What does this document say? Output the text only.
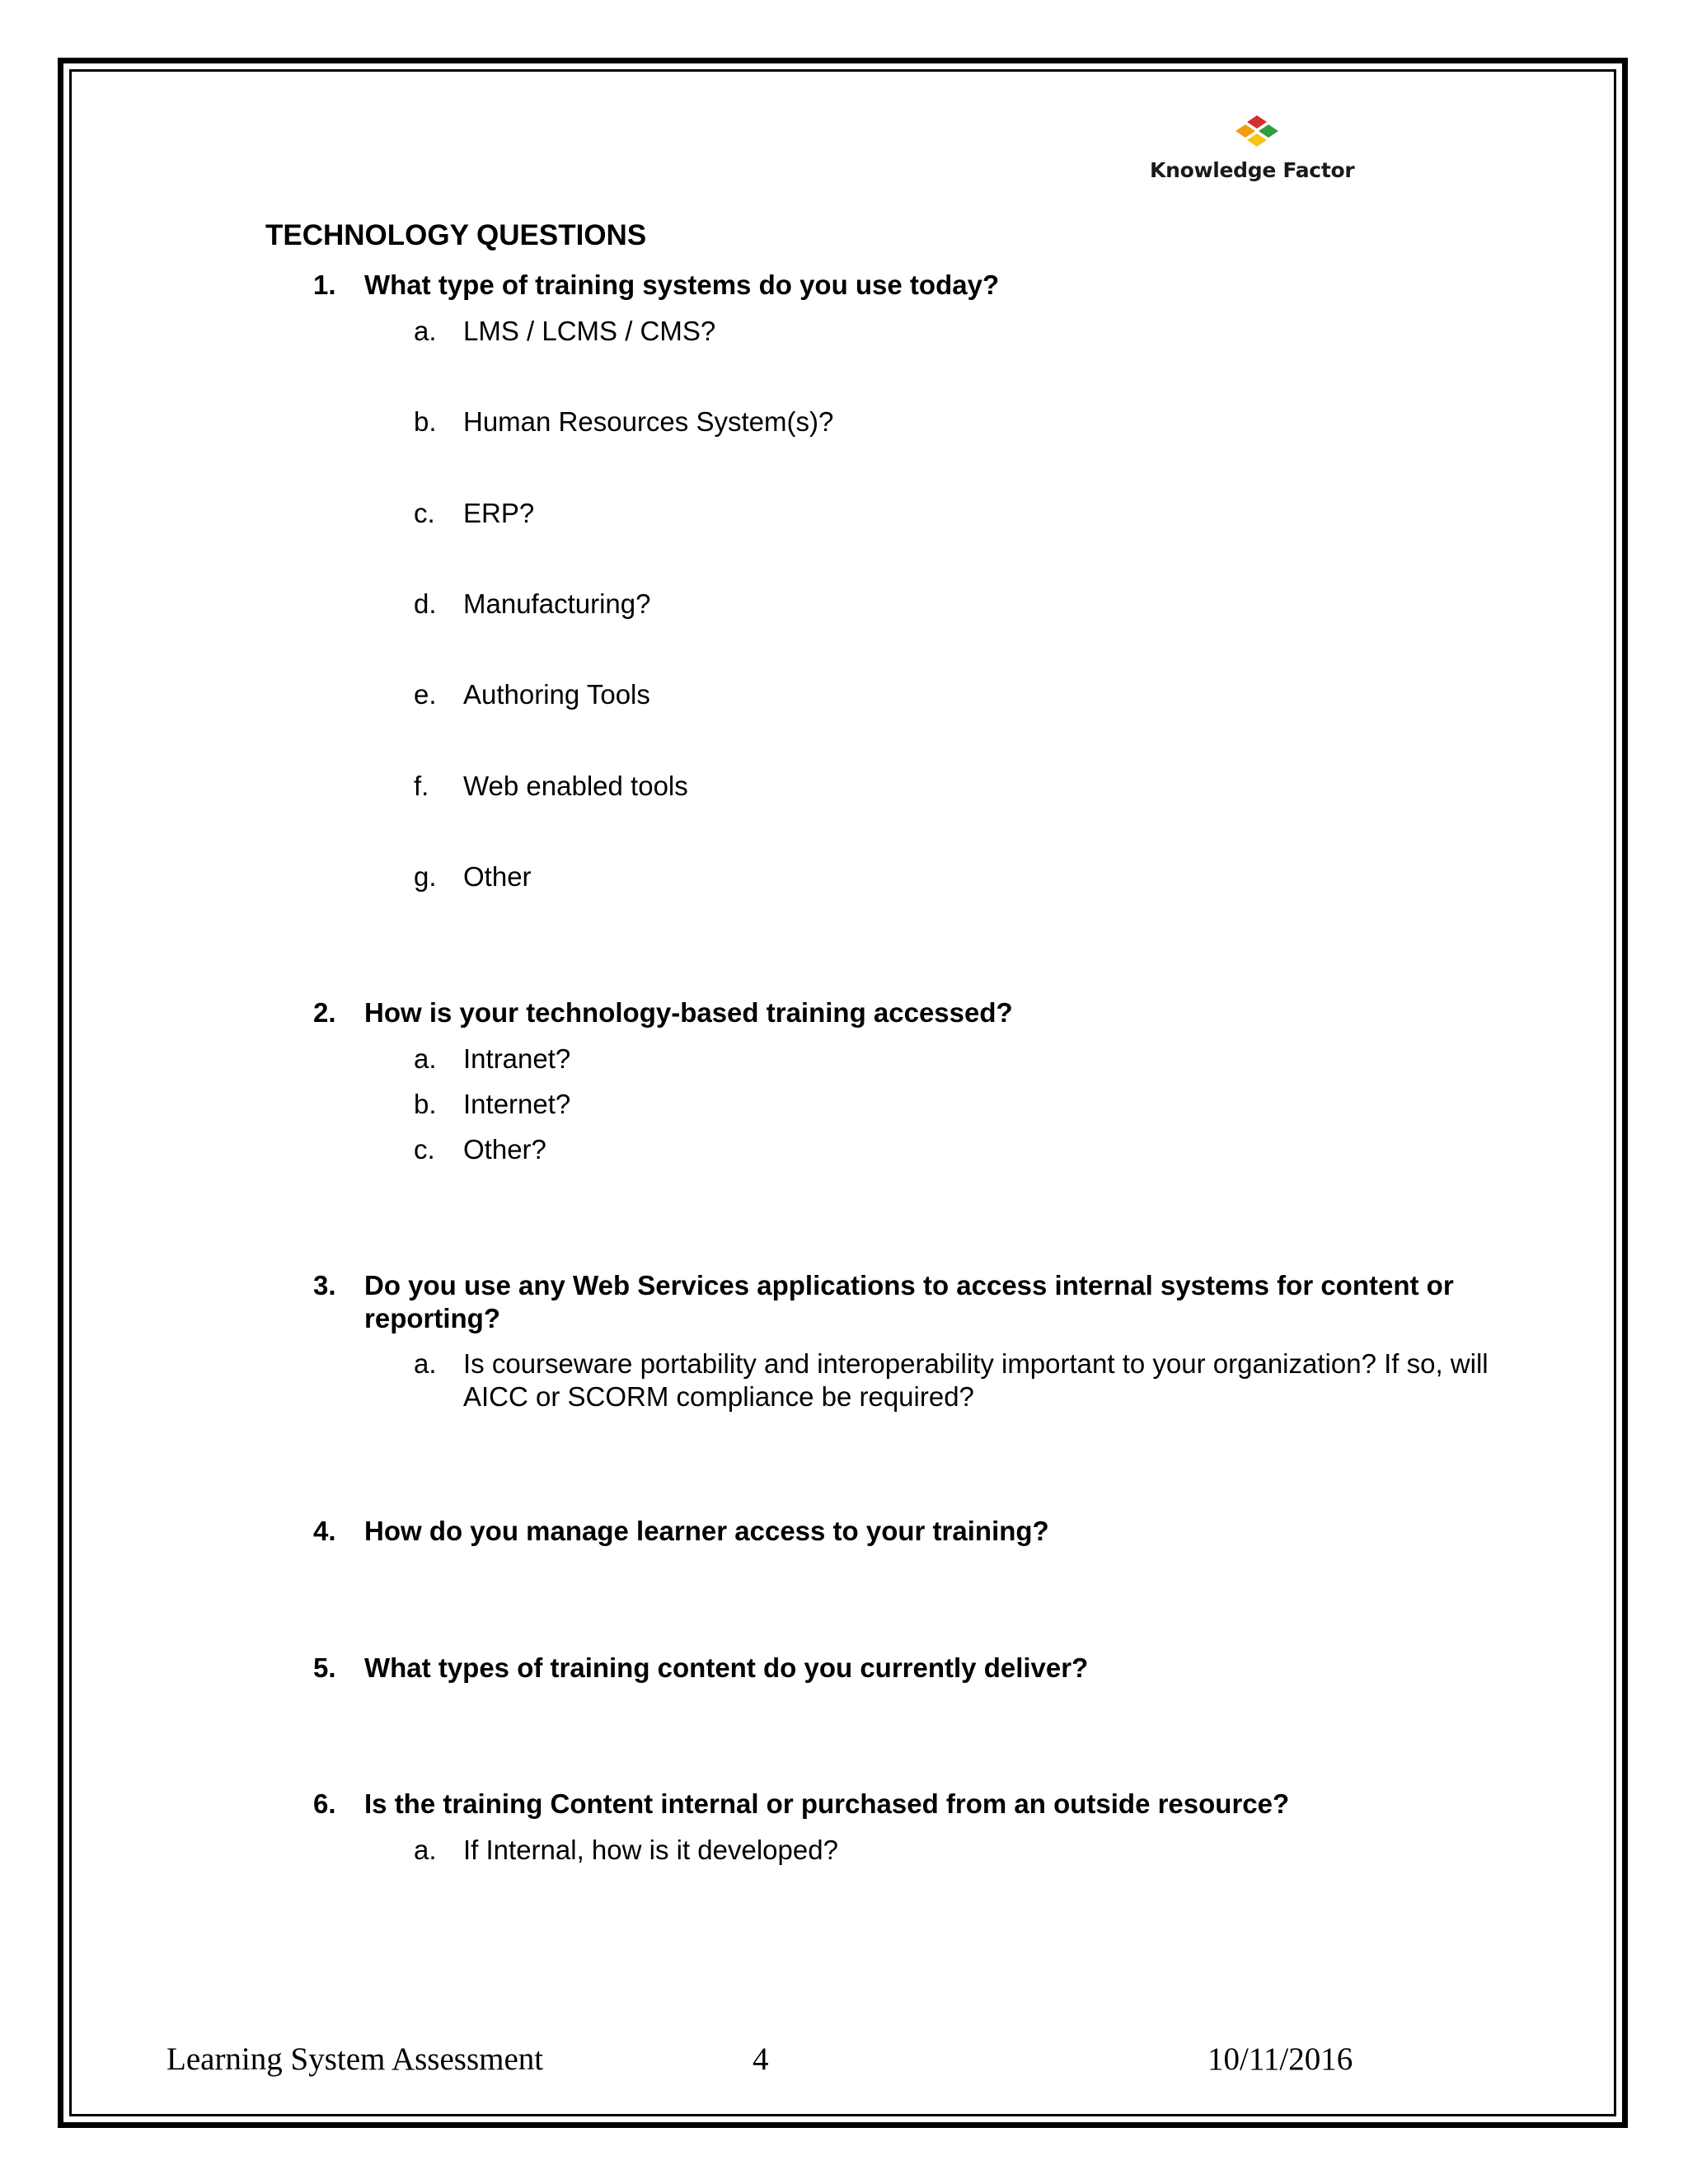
Knowledge Factor
TECHNOLOGY QUESTIONS
1.	What type of training systems do you use today?
a. LMS / LCMS / CMS?
b. Human Resources System(s)?
c.	ERP?
d. Manufacturing?
e. Authoring Tools
f.	Web enabled tools
g. Other
2.	How is your technology-based training accessed?
a. Intranet?
b. Internet?
c.	Other?
3.	Do you use any Web Services applications to access internal systems for content or
reporting?
a. Is courseware portability and interoperability important to your organization? If so, will
AICC or SCORM compliance be required?
4.	How do you manage learner access to your training?
5.	What types of training content do you currently deliver?
6.	Is the training Content internal or purchased from an outside resource?
a. If Internal, how is it developed?
Learning System Assessment	4	10/11/2016
